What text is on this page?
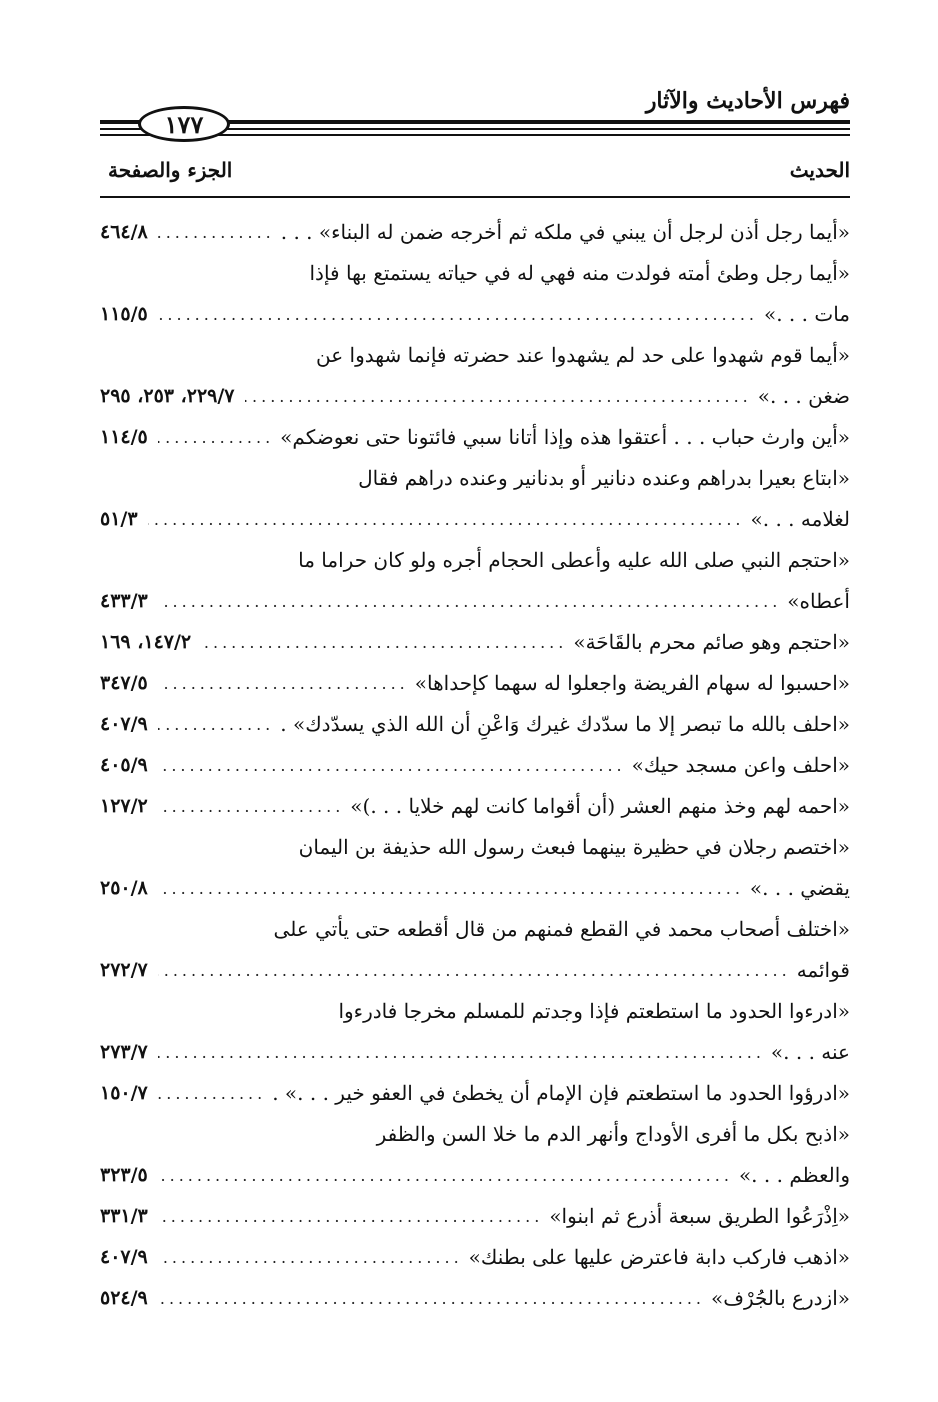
فهرس الأحاديث والآثار
١٧٧
الحديث
الجزء والصفحة
«أيما رجل أذن لرجل أن يبني في ملكه ثم أخرجه ضمن له البناء» . . .
.....
٤٦٤/٨
«أيما رجل وطئ أمته فولدت منه فهي له في حياته يستمتع بها فإذا
مات . . .»
.....
١١٥/٥
«أيما قوم شهدوا على حد لم يشهدوا عند حضرته فإنما شهدوا عن
ضغن . . .»
.....
٢٢٩/٧، ٢٥٣، ٢٩٥
«أين وارث حباب . . . أعتقوا هذه وإذا أتانا سبي فائتونا حتى نعوضكم»
.....
١١٤/٥
«ابتاع بعيرا بدراهم وعنده دنانير أو بدنانير وعنده دراهم فقال
لغلامه . . .»
.....
٥١/٣
«احتجم النبي صلى الله عليه وأعطى الحجام أجره ولو كان حراما ما
أعطاه»
.....
٤٣٣/٣
«احتجم وهو صائم محرم بالقَاحَة»
.....
١٤٧/٢، ١٦٩
«احسبوا له سهام الفريضة واجعلوا له سهما كإحداها»
.....
٣٤٧/٥
«احلف بالله ما تبصر إلا ما سدّدك غيرك وَاعْنِ أن الله الذي يسدّدك» .
.....
٤٠٧/٩
«احلف واعن مسجد حيك»
.....
٤٠٥/٩
«احمه لهم وخذ منهم العشر (أن أقواما كانت لهم خلايا . . .)»
.....
١٢٧/٢
«اختصم رجلان في حظيرة بينهما فبعث رسول الله حذيفة بن اليمان
يقضي . . .»
.....
٢٥٠/٨
«اختلف أصحاب محمد في القطع فمنهم من قال أقطعه حتى يأتي على
قوائمه
.....
٢٧٢/٧
«ادرءوا الحدود ما استطعتم فإذا وجدتم للمسلم مخرجا فادرءوا
عنه . . .»
.....
٢٧٣/٧
«ادرؤوا الحدود ما استطعتم فإن الإمام أن يخطئ في العفو خير . . .» .
.....
١٥٠/٧
«اذبح بكل ما أفرى الأوداج وأنهر الدم ما خلا السن والظفر
والعظم . . .»
.....
٣٢٣/٥
«اِذْرَعُوا الطريق سبعة أذرع ثم ابنوا»
.....
٣٣١/٣
«اذهب فاركب دابة فاعترض عليها على بطنك»
.....
٤٠٧/٩
«ازدرع بالجُرْف»
.....
٥٢٤/٩
